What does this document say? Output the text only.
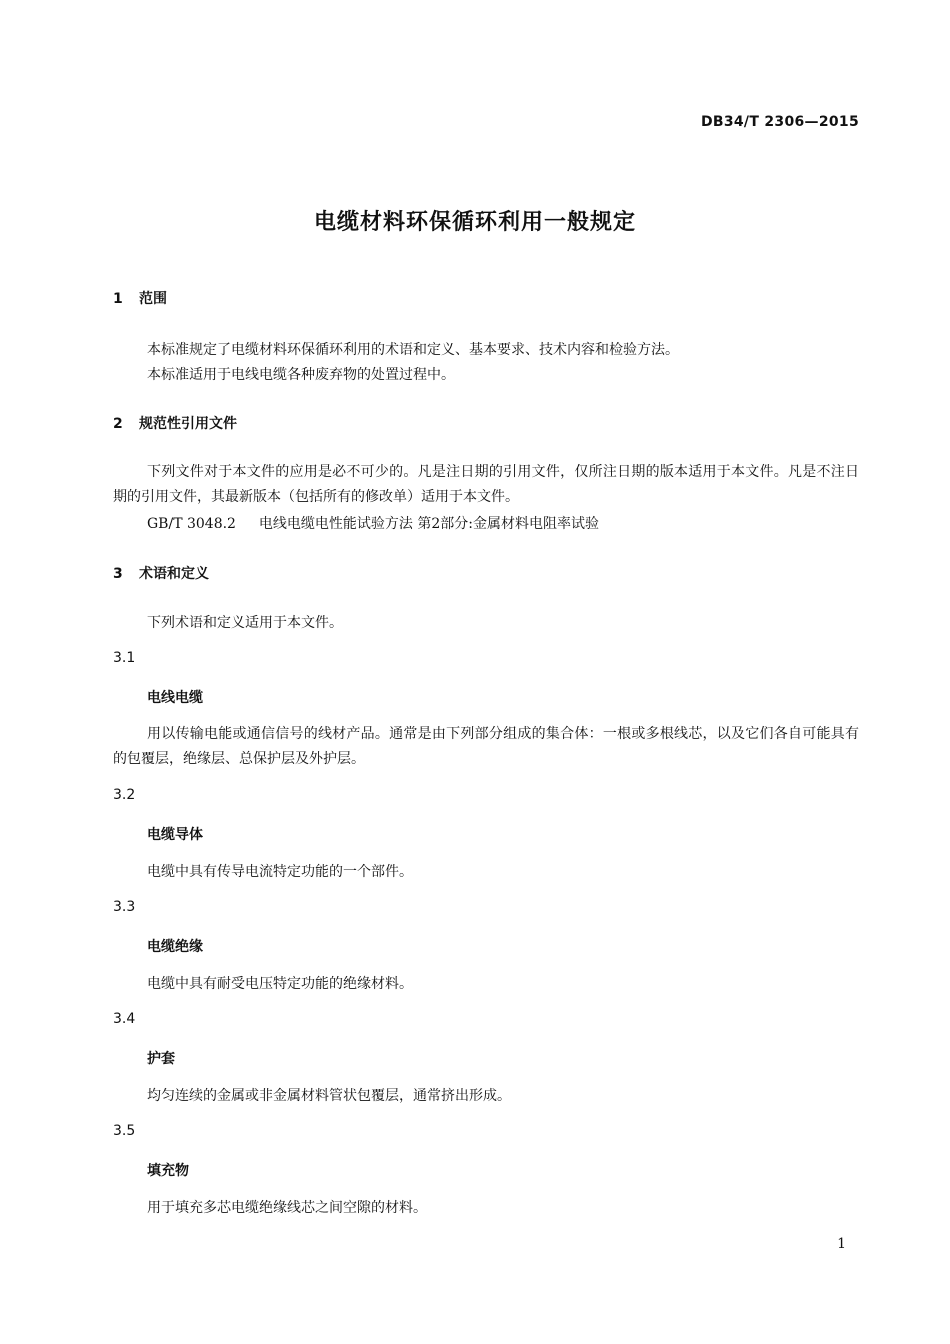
DB34/T 2306—2015
电缆材料环保循环利用一般规定
1 范围
本标准规定了电缆材料环保循环利用的术语和定义、基本要求、技术内容和检验方法。
本标准适用于电线电缆各种废弃物的处置过程中。
2 规范性引用文件
下列文件对于本文件的应用是必不可少的。凡是注日期的引用文件，仅所注日期的版本适用于本文件。凡是不注日期的引用文件，其最新版本（包括所有的修改单）适用于本文件。
GB/T 3048.2 电线电缆电性能试验方法 第2部分:金属材料电阻率试验
3 术语和定义
下列术语和定义适用于本文件。
3.1
电线电缆
用以传输电能或通信信号的线材产品。通常是由下列部分组成的集合体：一根或多根线芯，以及它们各自可能具有的包覆层，绝缘层、总保护层及外护层。
3.2
电缆导体
电缆中具有传导电流特定功能的一个部件。
3.3
电缆绝缘
电缆中具有耐受电压特定功能的绝缘材料。
3.4
护套
均匀连续的金属或非金属材料管状包覆层，通常挤出形成。
3.5
填充物
用于填充多芯电缆绝缘线芯之间空隙的材料。
1
